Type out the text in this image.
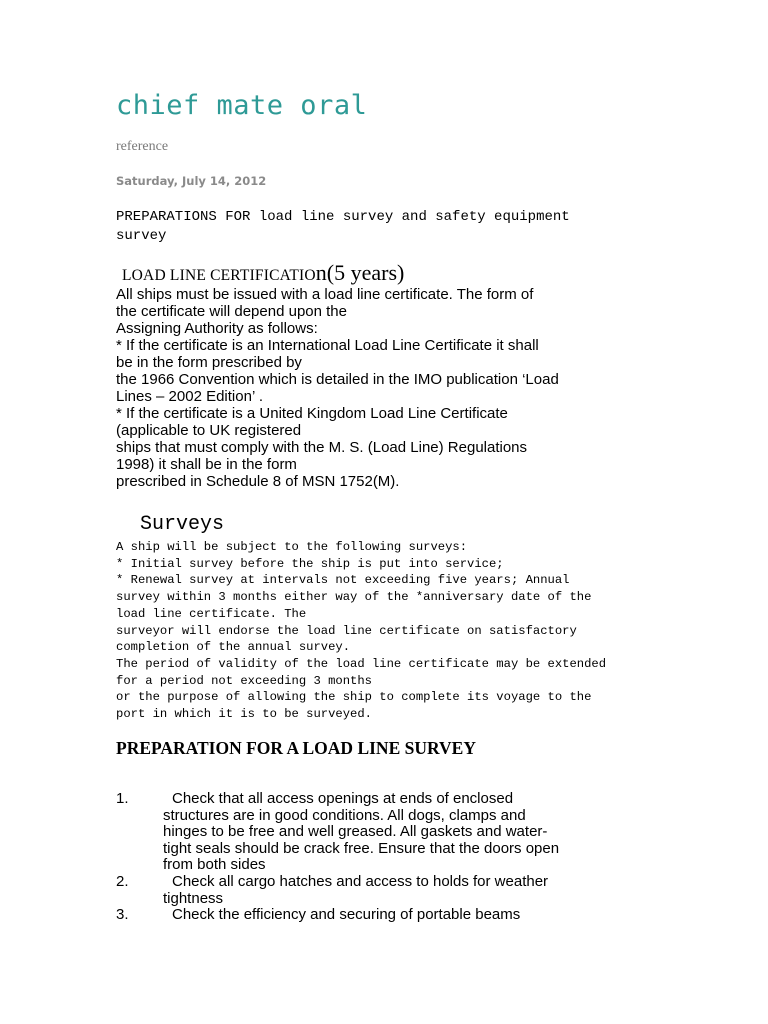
chief mate oral
reference
Saturday, July 14, 2012
PREPARATIONS FOR load line survey and safety equipment
survey
LOAD LINE CERTIFICATIOn(5 years)
All ships must be issued with a load line certificate. The form of
the certificate will depend upon the
Assigning Authority as follows:
* If the certificate is an International Load Line Certificate it shall
be in the form prescribed by
the 1966 Convention which is detailed in the IMO publication ‘Load
Lines – 2002 Edition’ .
* If the certificate is a United Kingdom Load Line Certificate
(applicable to UK registered
ships that must comply with the M. S. (Load Line) Regulations
1998) it shall be in the form
prescribed in Schedule 8 of MSN 1752(M).
Surveys
A ship will be subject to the following surveys:
* Initial survey before the ship is put into service;
* Renewal survey at intervals not exceeding five years; Annual
survey within 3 months either way of the *anniversary date of the
load line certificate. The
surveyor will endorse the load line certificate on satisfactory
completion of the annual survey.
The period of validity of the load line certificate may be extended
for a period not exceeding 3 months
or the purpose of allowing the ship to complete its voyage to the
port in which it is to be surveyed.
PREPARATION FOR A LOAD LINE SURVEY
1.	Check that all access openings at ends of enclosed
structures are in good conditions. All dogs, clamps and
hinges to be free and well greased. All gaskets and water-
tight seals should be crack free. Ensure that the doors open
from both sides
2.	Check all cargo hatches and access to holds for weather
tightness
3.	Check the efficiency and securing of portable beams
